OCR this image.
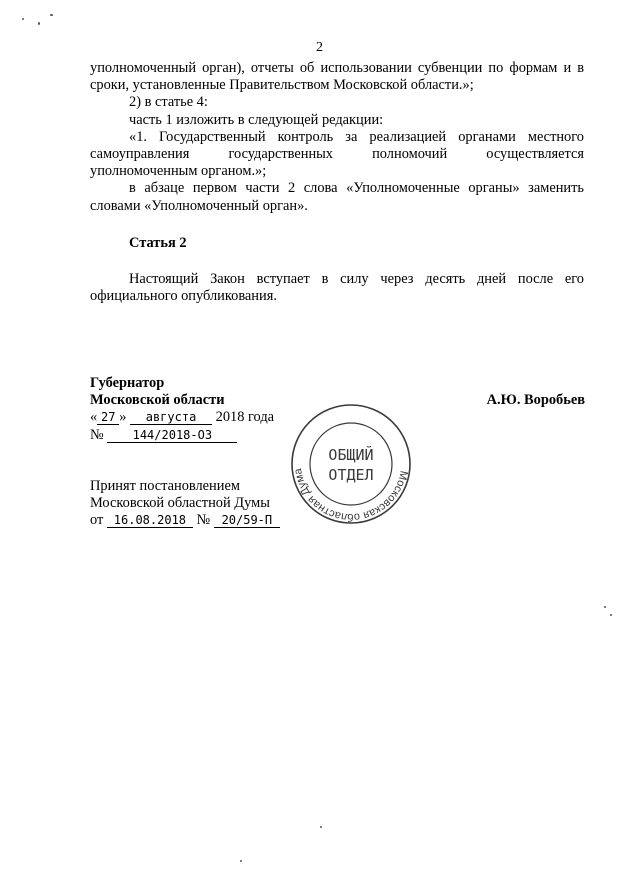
2

уполномоченный орган), отчеты об использовании субвенции по формам и в сроки, установленные Правительством Московской области.»;

2) в статье 4:

часть 1 изложить в следующей редакции:

«1. Государственный контроль за реализацией органами местного самоуправления государственных полномочий осуществляется уполномоченным органом.»;

в абзаце первом части 2 слова «Уполномоченные органы» заменить словами «Уполномоченный орган».

Статья 2

Настоящий Закон вступает в силу через десять дней после его официального опубликования.

Губернатор
Московской области
« 27 » августа 2018 года
№ 144/2018-ОЗ
А.Ю. Воробьев
Принят постановлением
Московской областной Думы
от 16.08.2018 № 20/59-П
Московская областная Дума
ОБЩИЙ
ОТДЕЛ
